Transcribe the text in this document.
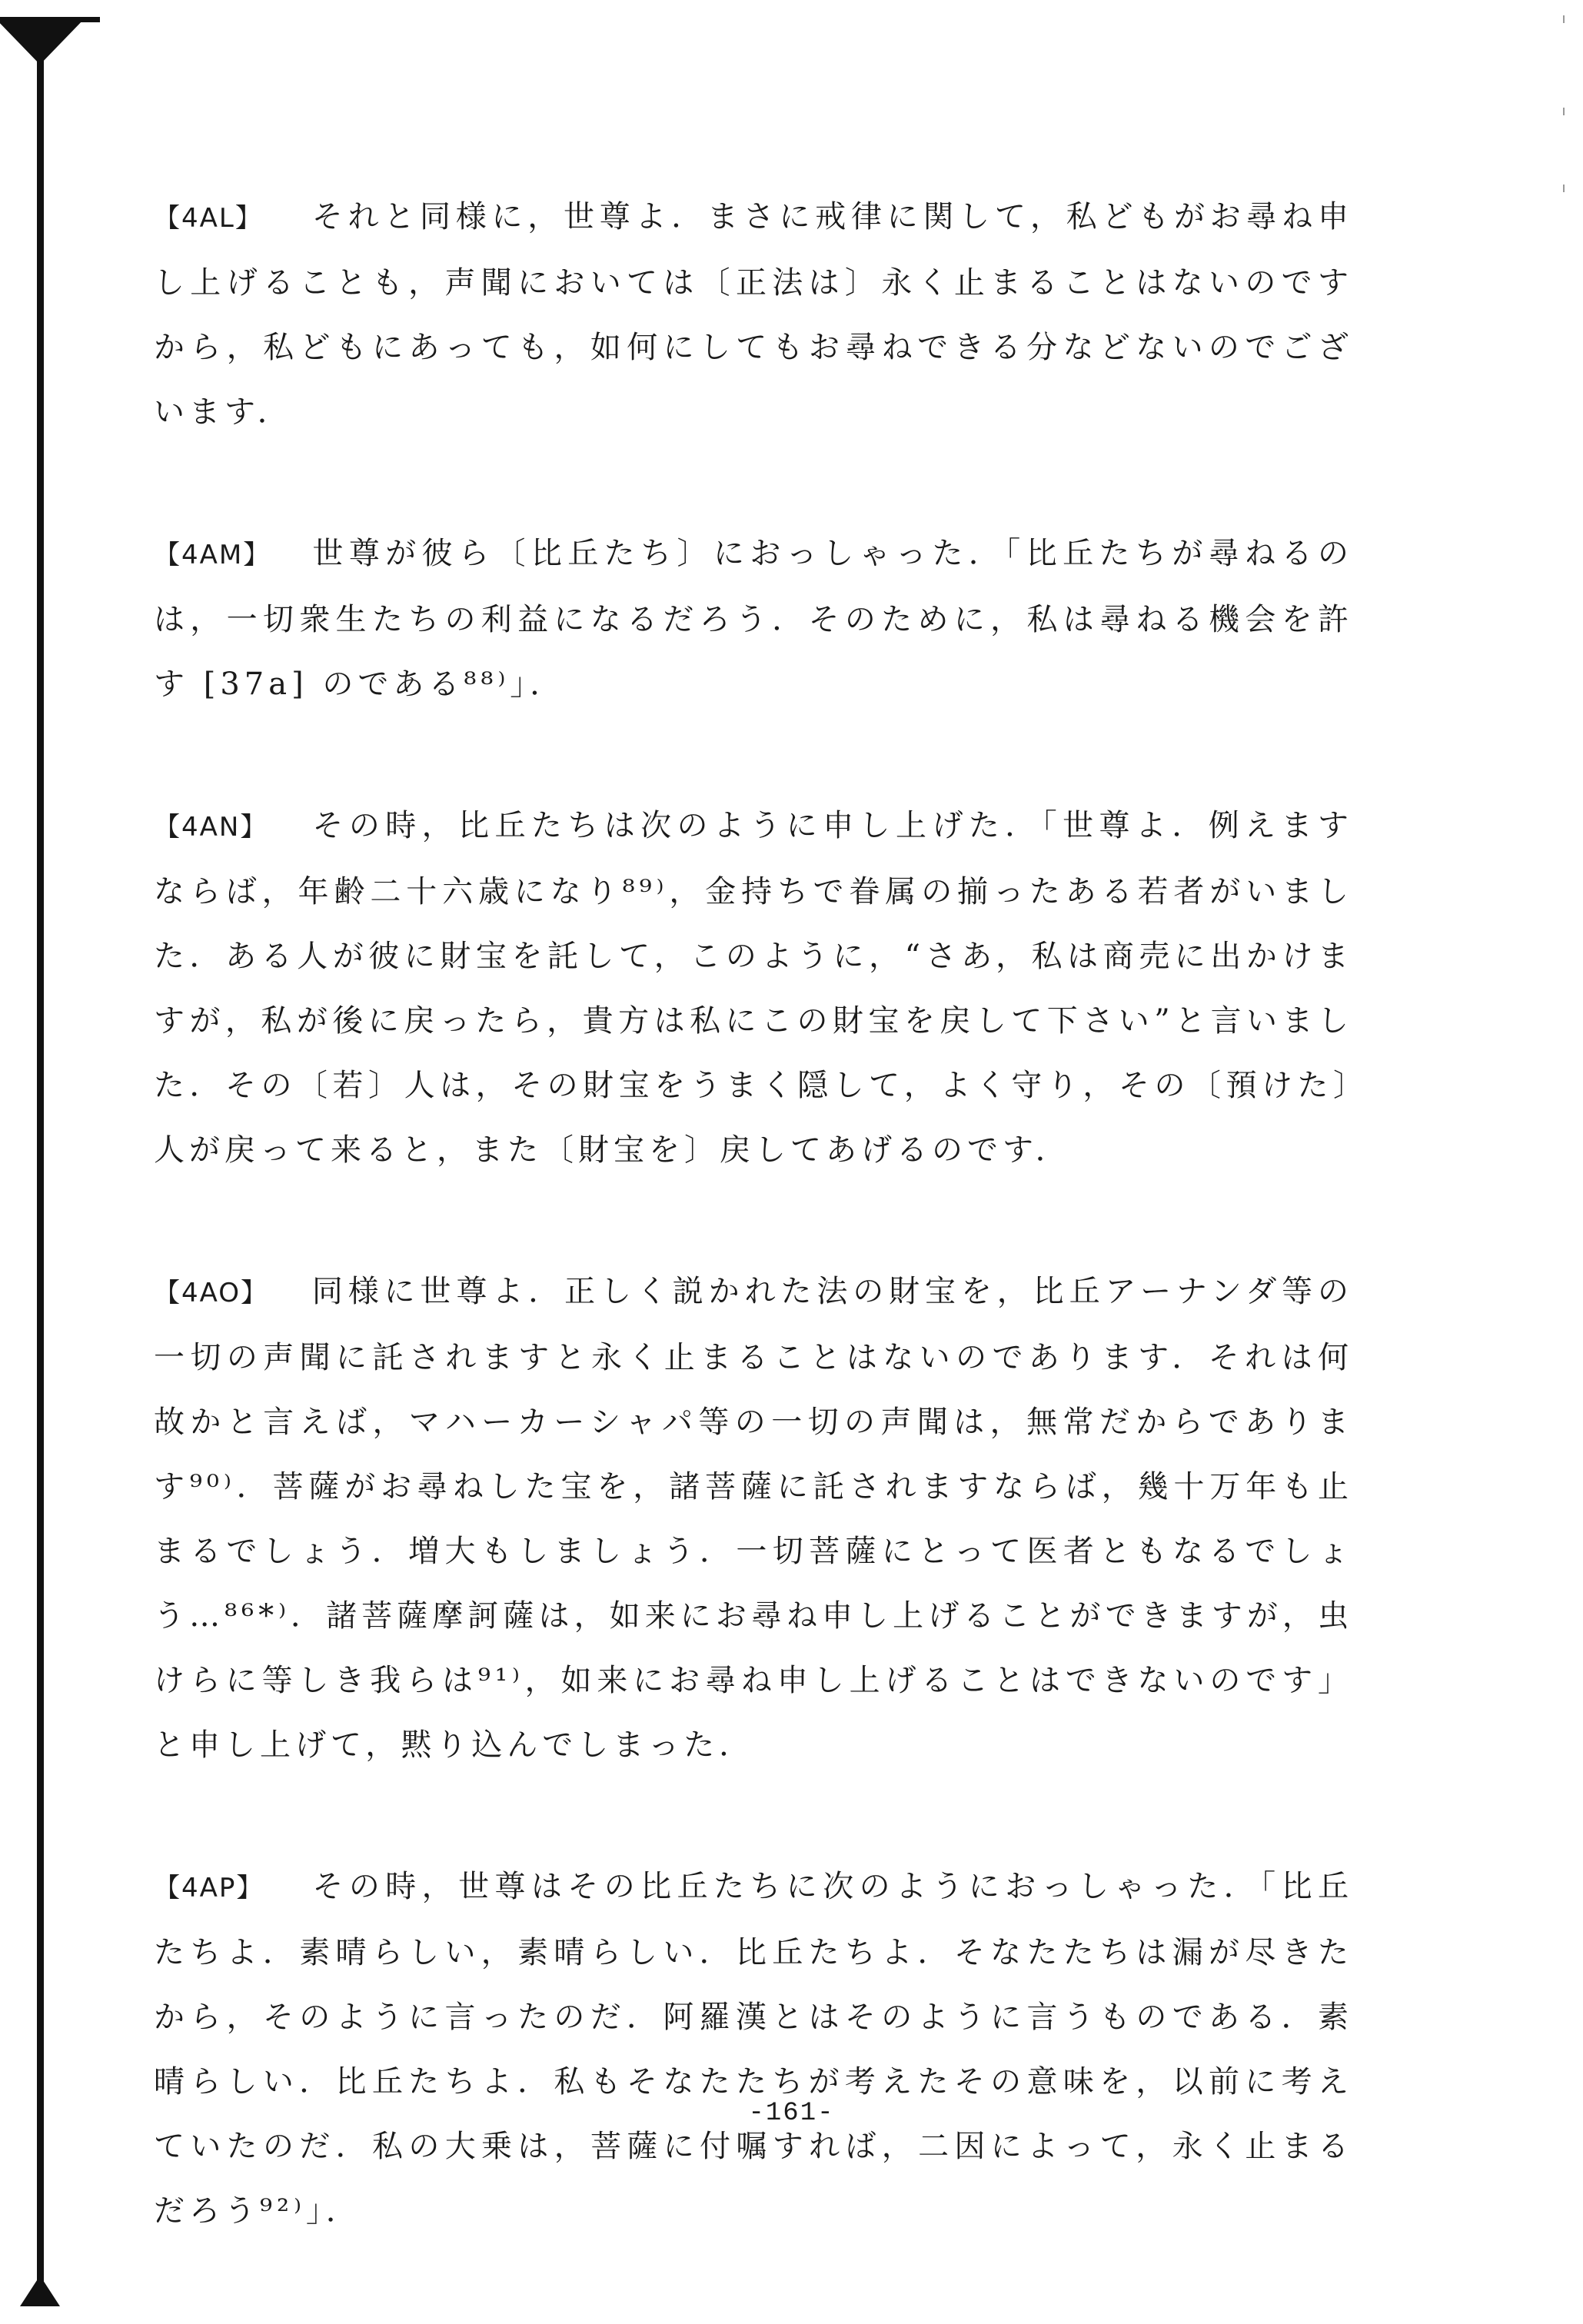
【4AL】 それと同様に，世尊よ．まさに戒律に関して，私どもがお尋ね申し上げることも，声聞においては〔正法は〕永く止まることはないのですから，私どもにあっても，如何にしてもお尋ねできる分などないのでございます．

【4AM】 世尊が彼ら〔比丘たち〕におっしゃった．「比丘たちが尋ねるのは，一切衆生たちの利益になるだろう．そのために，私は尋ねる機会を許す [37a] のである⁸⁸⁾」．

【4AN】 その時，比丘たちは次のように申し上げた．「世尊よ．例えますならば，年齢二十六歳になり⁸⁹⁾，金持ちで眷属の揃ったある若者がいました．ある人が彼に財宝を託して，このように，“さあ，私は商売に出かけますが，私が後に戻ったら，貴方は私にこの財宝を戻して下さい”と言いました．その〔若〕人は，その財宝をうまく隠して，よく守り，その〔預けた〕人が戻って来ると，また〔財宝を〕戻してあげるのです．

【4AO】 同様に世尊よ．正しく説かれた法の財宝を，比丘アーナンダ等の一切の声聞に託されますと永く止まることはないのであります．それは何故かと言えば，マハーカーシャパ等の一切の声聞は，無常だからであります⁹⁰⁾．菩薩がお尋ねした宝を，諸菩薩に託されますならば，幾十万年も止まるでしょう．増大もしましょう．一切菩薩にとって医者ともなるでしょう…⁸⁶*⁾．諸菩薩摩訶薩は，如来にお尋ね申し上げることができますが，虫けらに等しき我らは⁹¹⁾，如来にお尋ね申し上げることはできないのです」と申し上げて，黙り込んでしまった．

【4AP】 その時，世尊はその比丘たちに次のようにおっしゃった．「比丘たちよ．素晴らしい，素晴らしい．比丘たちよ．そなたたちは漏が尽きたから，そのように言ったのだ．阿羅漢とはそのように言うものである．素晴らしい．比丘たちよ．私もそなたたちが考えたその意味を，以前に考えていたのだ．私の大乗は，菩薩に付嘱すれば，二因によって，永く止まるだろう⁹²⁾」．

-161-
